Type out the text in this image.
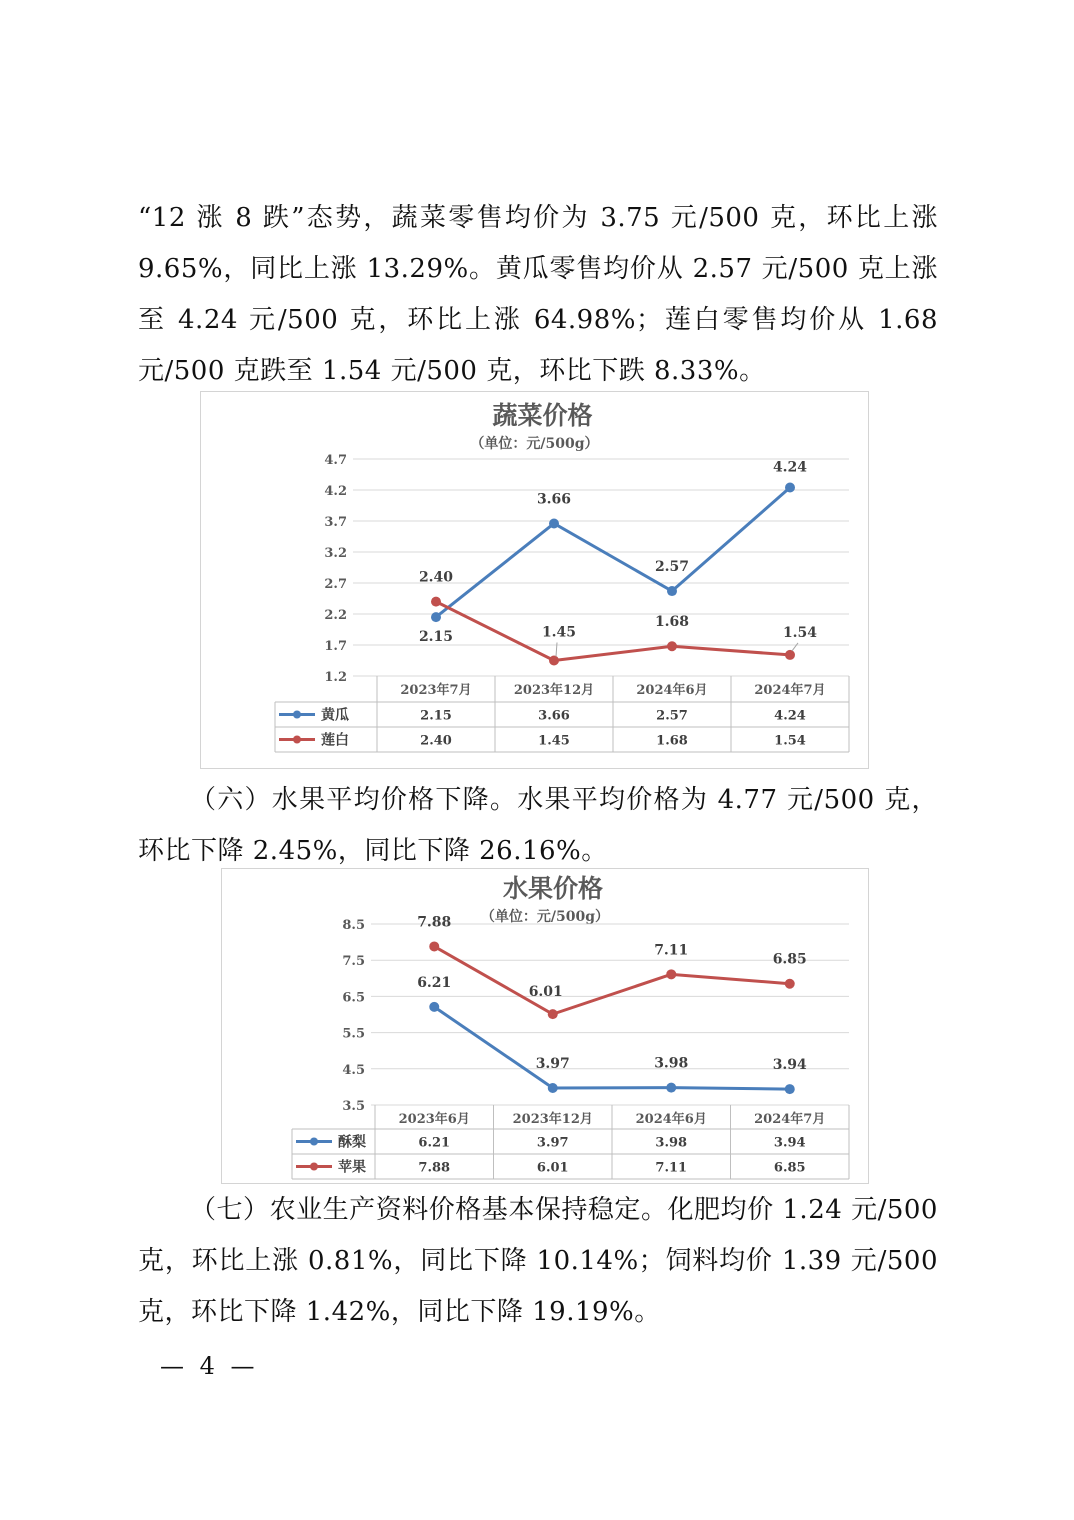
“12 涨 8 跌”态势，蔬菜零售均价为 3.75 元/500 克，环比上涨 9.65%，同比上涨 13.29%。黄瓜零售均价从 2.57 元/500 克上涨至 4.24 元/500 克，环比上涨 64.98%；莲白零售均价从 1.68 元/500 克跌至 1.54 元/500 克，环比下跌 8.33%。

蔬菜价格
（单位：元/500g）
4.7
4.2
3.7
3.2
2.7
2.2
1.7
1.2
2023年7月	2023年12月	2024年6月	2024年7月
黄瓜	2.15	3.66	2.57	4.24
莲白	2.40	1.45	1.68	1.54
2.15
3.66
2.57
4.24
2.40
1.45
1.68
1.54

（六）水果平均价格下降。水果平均价格为 4.77 元/500 克，环比下降 2.45%，同比下降 26.16%。

水果价格
（单位：元/500g）
8.5
7.5
6.5
5.5
4.5
3.5
2023年6月	2023年12月	2024年6月	2024年7月
酥梨	6.21	3.97	3.98	3.94
苹果	7.88	6.01	7.11	6.85
6.21
3.97	3.98	3.94
7.88
6.01
7.11
6.85

（七）农业生产资料价格基本保持稳定。化肥均价 1.24 元/500 克，环比上涨 0.81%，同比下降 10.14%；饲料均价 1.39 元/500 克，环比下降 1.42%，同比下降 19.19%。

— 4 —
